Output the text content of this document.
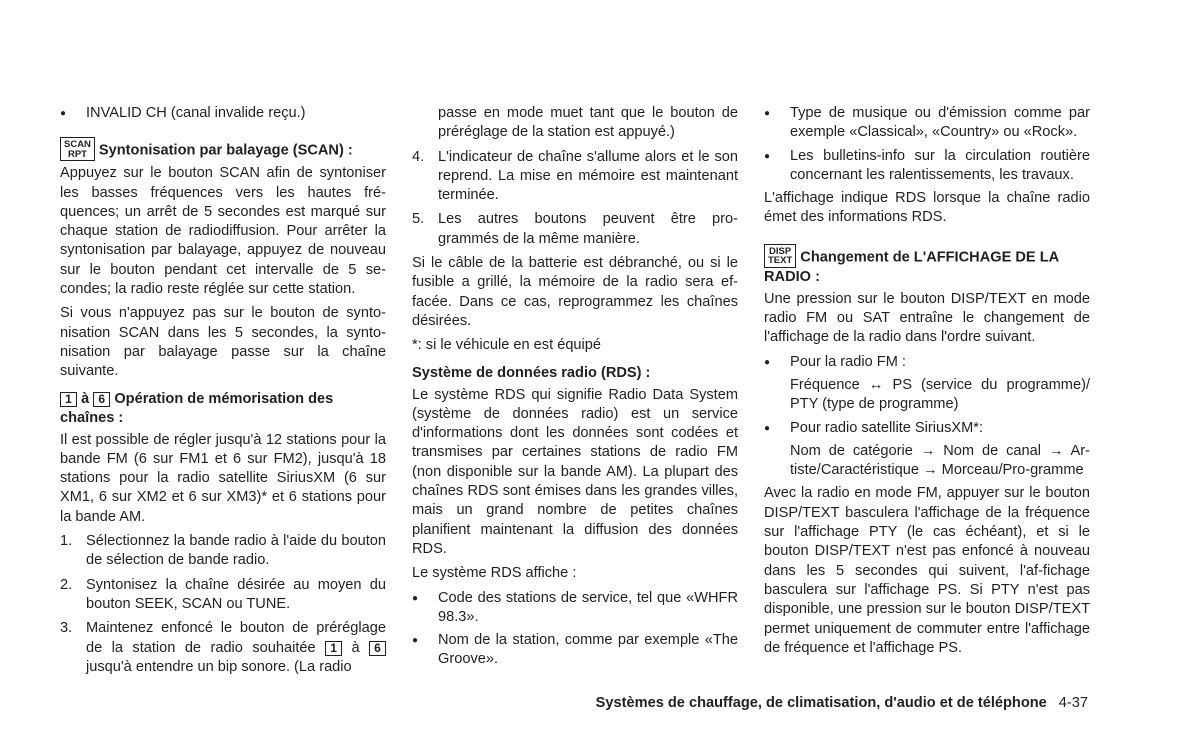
● INVALID CH (canal invalide reçu.)
SCAN
RPT Syntonisation par balayage (SCAN) :

Appuyez sur le bouton SCAN afin de syntoniser les basses fréquences vers les hautes fré-quences; un arrêt de 5 secondes est marqué sur chaque station de radiodiffusion. Pour arrêter la syntonisation par balayage, appuyez de nouveau sur le bouton pendant cet intervalle de 5 se-condes; la radio reste réglée sur cette station.

Si vous n'appuyez pas sur le bouton de synto-nisation SCAN dans les 5 secondes, la synto-nisation par balayage passe sur la chaîne suivante.

1 à 6 Opération de mémorisation des chaînes :

Il est possible de régler jusqu'à 12 stations pour la bande FM (6 sur FM1 et 6 sur FM2), jusqu'à 18 stations pour la radio satellite SiriusXM (6 sur XM1, 6 sur XM2 et 6 sur XM3)* et 6 stations pour la bande AM.

1. Sélectionnez la bande radio à l'aide du bouton de sélection de bande radio.
2. Syntonisez la chaîne désirée au moyen du bouton SEEK, SCAN ou TUNE.
3. Maintenez enfoncé le bouton de préréglage de la station de radio souhaitée 1 à 6 jusqu'à entendre un bip sonore. (La radio
passe en mode muet tant que le bouton de préréglage de la station est appuyé.)
4. L'indicateur de chaîne s'allume alors et le son reprend. La mise en mémoire est maintenant terminée.
5. Les autres boutons peuvent être pro-grammés de la même manière.

Si le câble de la batterie est débranché, ou si le fusible a grillé, la mémoire de la radio sera ef-facée. Dans ce cas, reprogrammez les chaînes désirées.

*: si le véhicule en est équipé

Système de données radio (RDS) :

Le système RDS qui signifie Radio Data System (système de données radio) est un service d'informations dont les données sont codées et transmises par certaines stations de radio FM (non disponible sur la bande AM). La plupart des chaînes RDS sont émises dans les grandes villes, mais un grand nombre de petites chaînes planifient maintenant la diffusion des données RDS.

Le système RDS affiche :

● Code des stations de service, tel que «WHFR 98.3».
● Nom de la station, comme par exemple «The Groove».
● Type de musique ou d'émission comme par exemple «Classical», «Country» ou «Rock».
● Les bulletins-info sur la circulation routière concernant les ralentissements, les travaux.

L'affichage indique RDS lorsque la chaîne radio émet des informations RDS.

DISP
TEXT Changement de L'AFFICHAGE DE LA RADIO :

Une pression sur le bouton DISP/TEXT en mode radio FM ou SAT entraîne le changement de l'affichage de la radio dans l'ordre suivant.

● Pour la radio FM :
Fréquence ↔ PS (service du programme)/ PTY (type de programme)
● Pour radio satellite SiriusXM*:
Nom de catégorie → Nom de canal → Ar-tiste/Caractéristique → Morceau/Pro-gramme

Avec la radio en mode FM, appuyer sur le bouton DISP/TEXT basculera l'affichage de la fréquence sur l'affichage PTY (le cas échéant), et si le bouton DISP/TEXT n'est pas enfoncé à nouveau dans les 5 secondes qui suivent, l'af-fichage basculera sur l'affichage PS. Si PTY n'est pas disponible, une pression sur le bouton DISP/TEXT permet uniquement de commuter entre l'affichage de fréquence et l'affichage PS.

Systèmes de chauffage, de climatisation, d'audio et de téléphone 4-37
